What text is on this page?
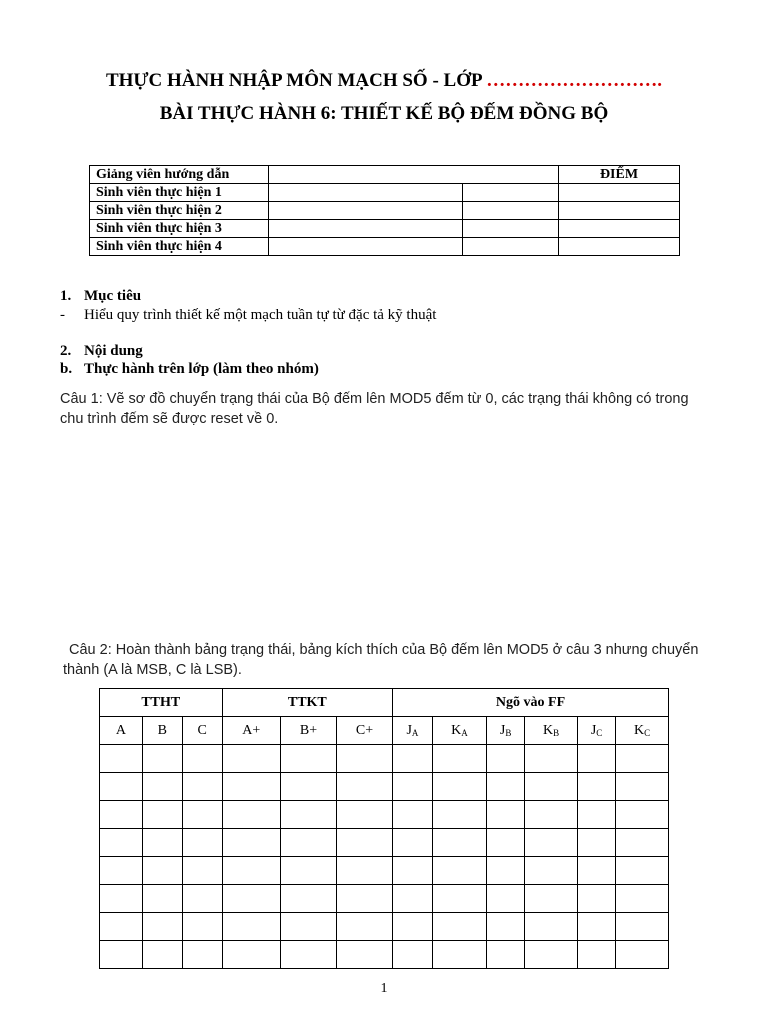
THỰC HÀNH NHẬP MÔN MẠCH SỐ - LỚP ……………………….
BÀI THỰC HÀNH 6: THIẾT KẾ BỘ ĐẾM ĐỒNG BỘ
Giảng viên hướng dẫn			ĐIỂM
Sinh viên thực hiện 1			
Sinh viên thực hiện 2			
Sinh viên thực hiện 3			
Sinh viên thực hiện 4			
1. Mục tiêu
- Hiểu quy trình thiết kế một mạch tuần tự từ đặc tả kỹ thuật
2. Nội dung
b. Thực hành trên lớp (làm theo nhóm)
Câu 1: Vẽ sơ đồ chuyển trạng thái của Bộ đếm lên MOD5 đếm từ 0, các trạng thái không có trong
chu trình đếm sẽ được reset về 0.
Câu 2: Hoàn thành bảng trạng thái, bảng kích thích của Bộ đếm lên MOD5 ở câu 3 nhưng chuyển
thành (A là MSB, C là LSB).
TTHT			TTKT			Ngõ vào FF					
A	B	C	A+	B+	C+	$J_A$	$K_A$	$J_B$	$K_B$	$J_C$	$K_C$

1
